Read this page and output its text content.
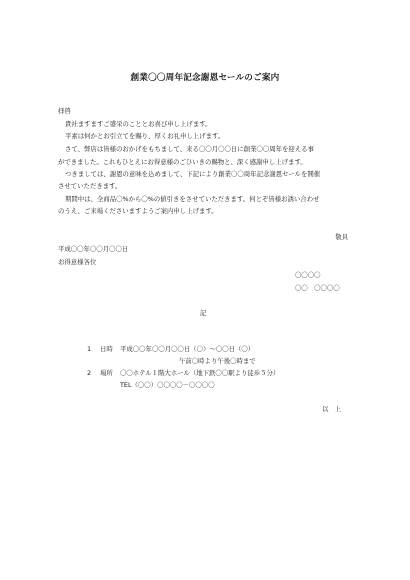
創業〇〇周年記念謝恩セールのご案内
拝啓
貴社ますますご盛栄のこととお喜び申し上げます。
平素は何かとお引立てを賜り、厚くお礼申し上げます。
さて、弊店は皆様のおかげをもちまして、来る〇〇月〇〇日に創業〇〇周年を迎える事
ができました。これもひとえにお得意様のごひいきの賜物と、深く感謝申し上げます。
つきましては、謝恩の意味を込めまして、下記により創業〇〇周年記念謝恩セールを開催
させていただきます。
期間中は、全商品〇%から〇%の値引きをさせていただきます。何とぞ皆様お誘い合わせ
のうえ、ご来場くださいますようご案内申し上げます。
敬具
平成〇〇年〇〇月〇〇日
お得意様各位
〇〇〇〇
〇〇　〇〇〇〇
記
1 日時 平成〇〇年〇〇月〇〇日（〇）〜〇〇日（〇）
午前〇時より午後〇時まで
2 場所 〇〇ホテル１階大ホール（地下鉄〇〇駅より徒歩５分）
TEL（〇〇）〇〇〇〇－〇〇〇〇
以　上
